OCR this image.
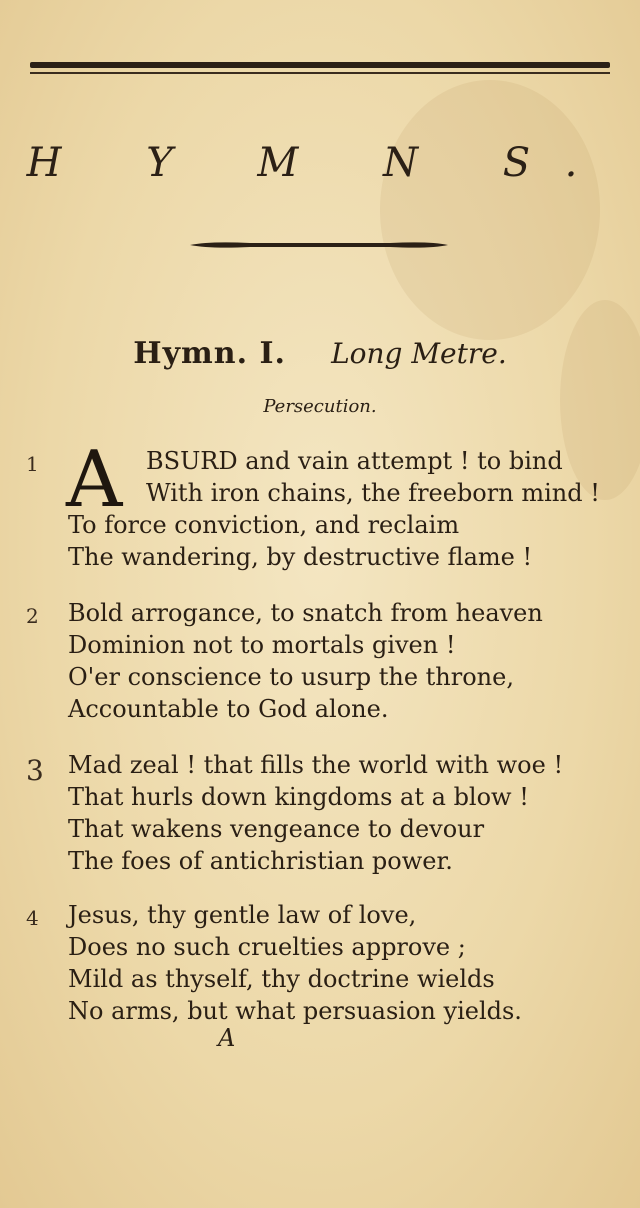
H Y M N S.
Hymn. I. Long Metre.
Persecution.
A
1	BSURD and vain attempt ! to bind
With iron chains, the freeborn mind !
To force conviction, and reclaim
The wandering, by destructive flame !
2 Bold arrogance, to snatch from heaven
Dominion not to mortals given !
O'er conscience to usurp the throne,
Accountable to God alone.
3 Mad zeal ! that fills the world with woe !
That hurls down kingdoms at a blow !
That wakens vengeance to devour
The foes of antichristian power.
4 Jesus, thy gentle law of love,
Does no such cruelties approve ;
Mild as thyself, thy doctrine wields
No arms, but what persuasion yields.
A
